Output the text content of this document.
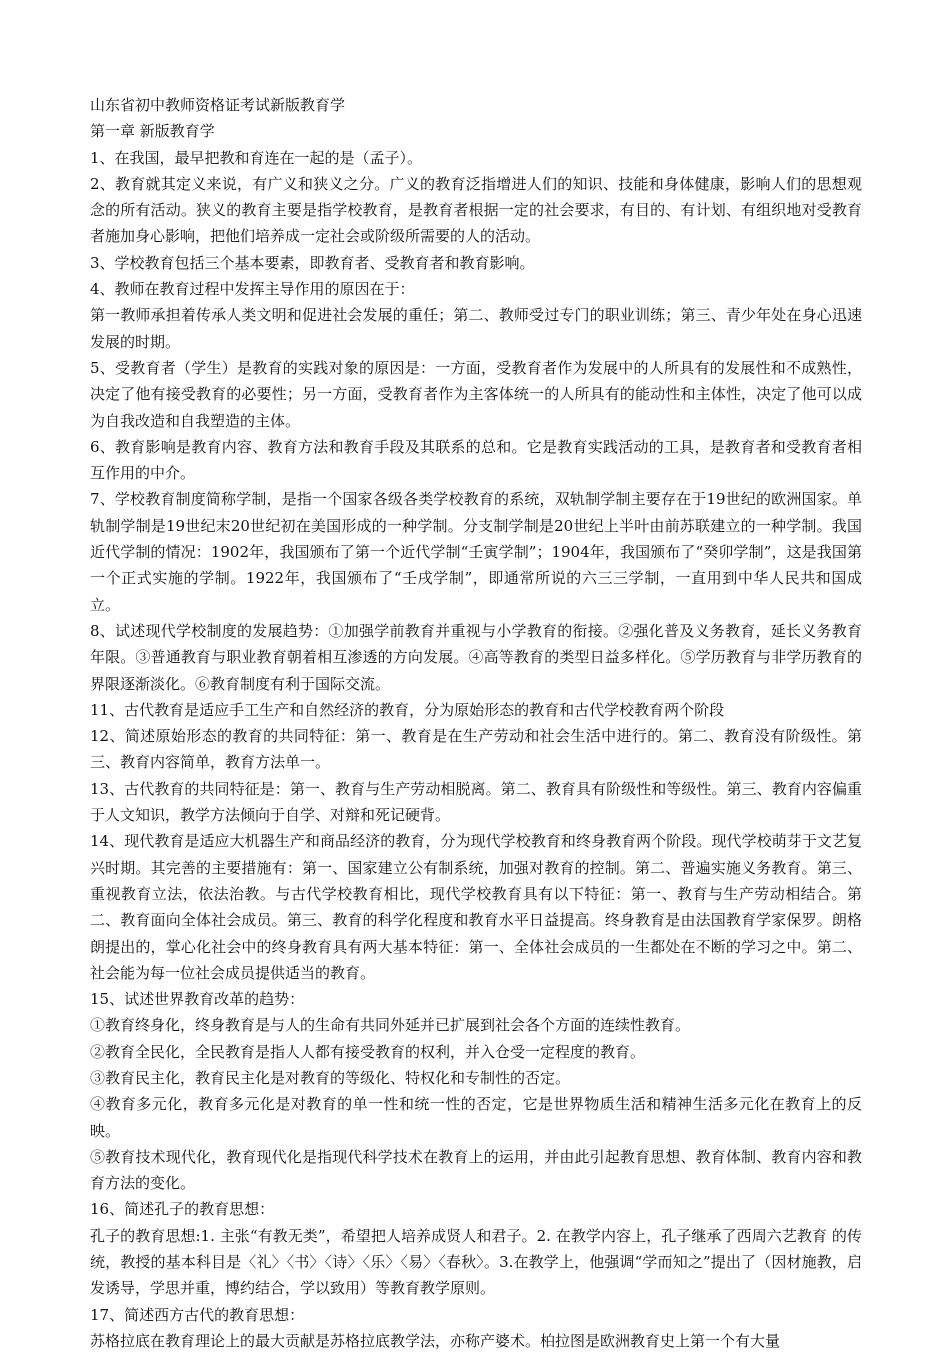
山东省初中教师资格证考试新版教育学

第一章 新版教育学

1、在我国，最早把教和育连在一起的是（孟子）。

2、教育就其定义来说，有广义和狭义之分。广义的教育泛指增进人们的知识、技能和身体健康，影响人们的思想观念的所有活动。狭义的教育主要是指学校教育，是教育者根据一定的社会要求，有目的、有计划、有组织地对受教育者施加身心影响，把他们培养成一定社会或阶级所需要的人的活动。

3、学校教育包括三个基本要素，即教育者、受教育者和教育影响。

4、教师在教育过程中发挥主导作用的原因在于：

第一教师承担着传承人类文明和促进社会发展的重任；第二、教师受过专门的职业训练；第三、青少年处在身心迅速发展的时期。

5、受教育者（学生）是教育的实践对象的原因是：一方面，受教育者作为发展中的人所具有的发展性和不成熟性，决定了他有接受教育的必要性；另一方面，受教育者作为主客体统一的人所具有的能动性和主体性，决定了他可以成为自我改造和自我塑造的主体。

6、教育影响是教育内容、教育方法和教育手段及其联系的总和。它是教育实践活动的工具，是教育者和受教育者相互作用的中介。

7、学校教育制度简称学制，是指一个国家各级各类学校教育的系统，双轨制学制主要存在于19世纪的欧洲国家。单轨制学制是19世纪末20世纪初在美国形成的一种学制。分支制学制是20世纪上半叶由前苏联建立的一种学制。我国近代学制的情况：1902年，我国颁布了第一个近代学制“壬寅学制”；1904年，我国颁布了“癸卯学制”，这是我国第一个正式实施的学制。1922年，我国颁布了“壬戌学制”，即通常所说的六三三学制，一直用到中华人民共和国成立。

8、试述现代学校制度的发展趋势：①加强学前教育并重视与小学教育的衔接。②强化普及义务教育，延长义务教育年限。③普通教育与职业教育朝着相互渗透的方向发展。④高等教育的类型日益多样化。⑤学历教育与非学历教育的界限逐渐淡化。⑥教育制度有利于国际交流。

11、古代教育是适应手工生产和自然经济的教育，分为原始形态的教育和古代学校教育两个阶段

12、简述原始形态的教育的共同特征：第一、教育是在生产劳动和社会生活中进行的。第二、教育没有阶级性。第三、教育内容简单，教育方法单一。

13、古代教育的共同特征是：第一、教育与生产劳动相脱离。第二、教育具有阶级性和等级性。第三、教育内容偏重于人文知识，教学方法倾向于自学、对辩和死记硬背。

14、现代教育是适应大机器生产和商品经济的教育，分为现代学校教育和终身教育两个阶段。现代学校萌芽于文艺复兴时期。其完善的主要措施有：第一、国家建立公有制系统，加强对教育的控制。第二、普遍实施义务教育。第三、重视教育立法，依法治教。与古代学校教育相比，现代学校教育具有以下特征：第一、教育与生产劳动相结合。第二、教育面向全体社会成员。第三、教育的科学化程度和教育水平日益提高。终身教育是由法国教育学家保罗。朗格朗提出的，掌心化社会中的终身教育具有两大基本特征：第一、全体社会成员的一生都处在不断的学习之中。第二、社会能为每一位社会成员提供适当的教育。

15、试述世界教育改革的趋势：

①教育终身化，终身教育是与人的生命有共同外延并已扩展到社会各个方面的连续性教育。

②教育全民化，全民教育是指人人都有接受教育的权利，并入仓受一定程度的教育。

③教育民主化，教育民主化是对教育的等级化、特权化和专制性的否定。

④教育多元化，教育多元化是对教育的单一性和统一性的否定，它是世界物质生活和精神生活多元化在教育上的反映。

⑤教育技术现代化，教育现代化是指现代科学技术在教育上的运用，并由此引起教育思想、教育体制、教育内容和教育方法的变化。

16、简述孔子的教育思想：

孔子的教育思想:1. 主张“有教无类”，希望把人培养成贤人和君子。2. 在教学内容上，孔子继承了西周六艺教育 的传统，教授的基本科目是〈礼〉〈书〉〈诗〉〈乐〉〈易〉〈春秋〉。3.在教学上，他强调“学而知之”提出了（因材施教，启发诱导，学思并重，博约结合，学以致用）等教育教学原则。

17、简述西方古代的教育思想：

苏格拉底在教育理论上的最大贡献是苏格拉底教学法，亦称产婆术。柏拉图是欧洲教育史上第一个有大量
